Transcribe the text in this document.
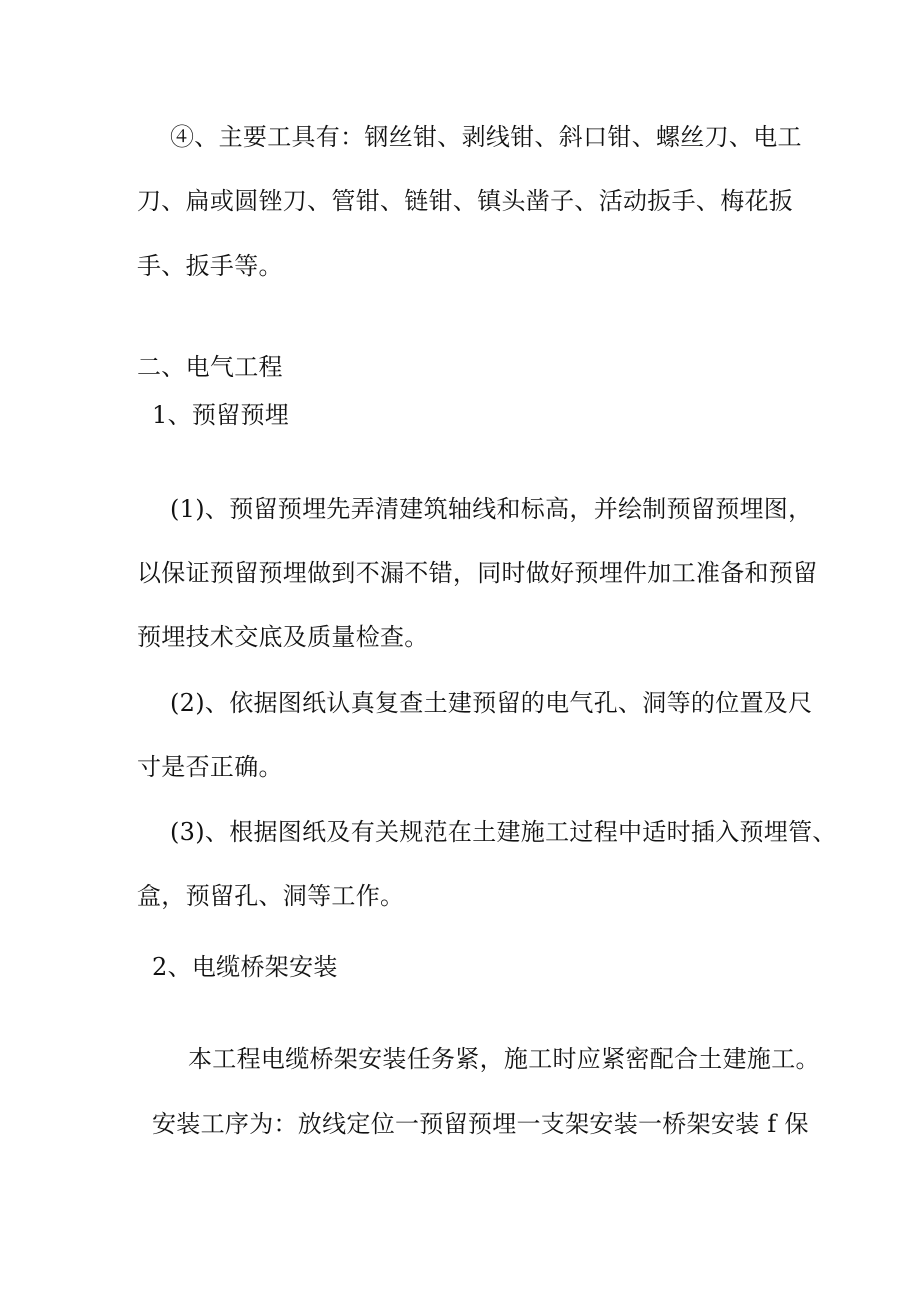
④、主要工具有：钢丝钳、剥线钳、斜口钳、螺丝刀、电工
刀、扁或圆锉刀、管钳、链钳、镇头凿子、活动扳手、梅花扳
手、扳手等。
二、电气工程
1、预留预埋
(1)、预留预埋先弄清建筑轴线和标高，并绘制预留预埋图，
以保证预留预埋做到不漏不错，同时做好预埋件加工准备和预留
预埋技术交底及质量检查。
(2)、依据图纸认真复查土建预留的电气孔、洞等的位置及尺
寸是否正确。
(3)、根据图纸及有关规范在土建施工过程中适时插入预埋管、
盒，预留孔、洞等工作。
2、电缆桥架安装
本工程电缆桥架安装任务紧，施工时应紧密配合土建施工。
安装工序为：放线定位一预留预埋一支架安装一桥架安装 f 保
